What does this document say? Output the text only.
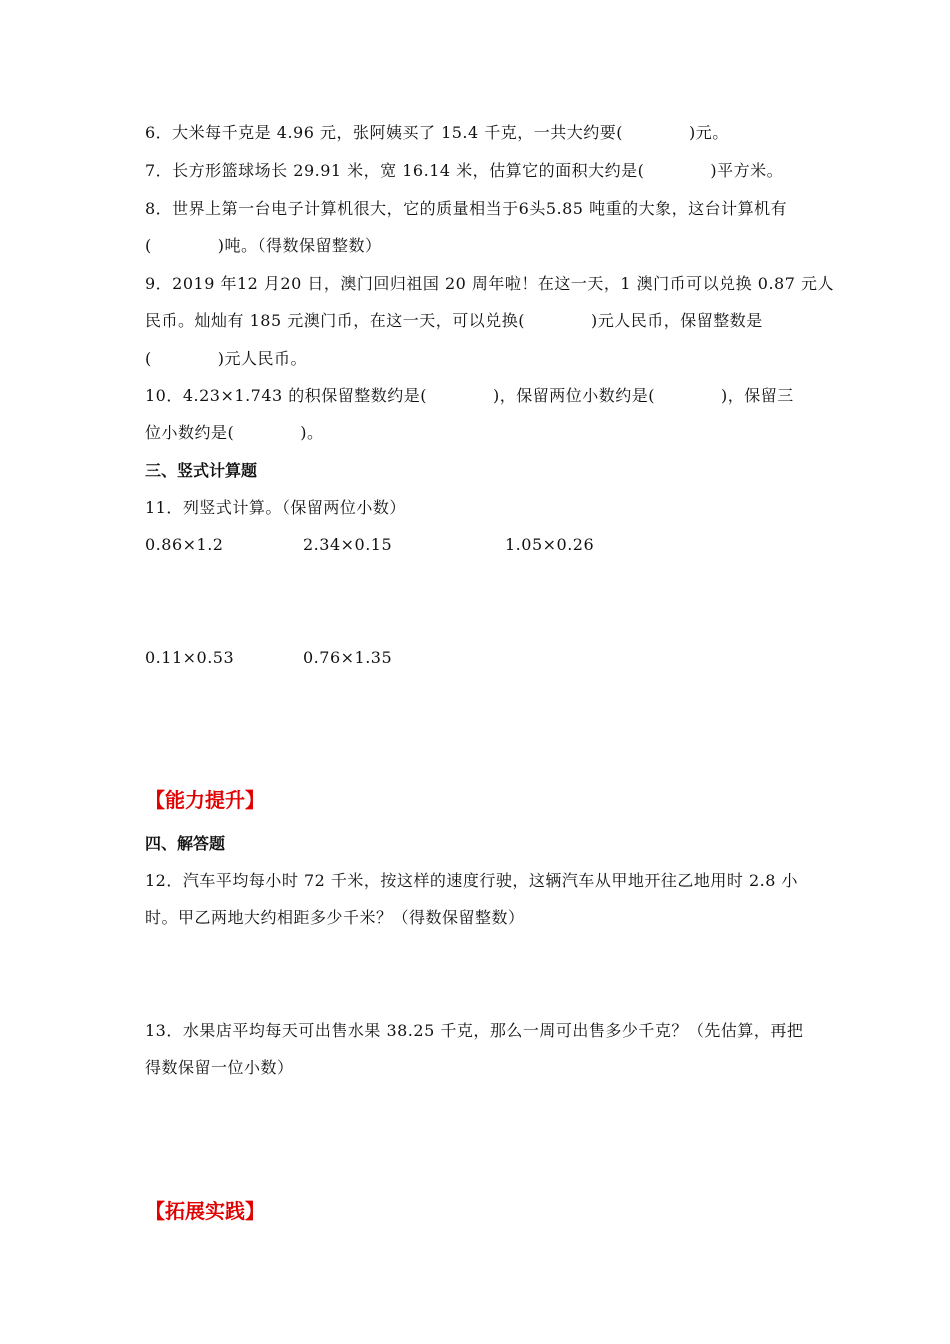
6．大米每千克是 4.96 元，张阿姨买了 15.4 千克，一共大约要(　　　　)元。
7．长方形篮球场长 29.91 米，宽 16.14 米，估算它的面积大约是(　　　　)平方米。
8．世界上第一台电子计算机很大，它的质量相当于6头5.85 吨重的大象，这台计算机有
(　　　　)吨。（得数保留整数）
9．2019 年12 月20 日，澳门回归祖国 20 周年啦！在这一天，1 澳门币可以兑换 0.87 元人
民币。灿灿有 185 元澳门币，在这一天，可以兑换(　　　　)元人民币，保留整数是
(　　　　)元人民币。
10．4.23×1.743 的积保留整数约是(　　　　)，保留两位小数约是(　　　　)，保留三
位小数约是(　　　　)。
三、竖式计算题
11．列竖式计算。（保留两位小数）
0.86×1.2	2.34×0.15	1.05×0.26
0.11×0.53	0.76×1.35
【能力提升】
四、解答题
12．汽车平均每小时 72 千米，按这样的速度行驶，这辆汽车从甲地开往乙地用时 2.8 小
时。甲乙两地大约相距多少千米？（得数保留整数）
13．水果店平均每天可出售水果 38.25 千克，那么一周可出售多少千克？（先估算，再把
得数保留一位小数）
【拓展实践】
